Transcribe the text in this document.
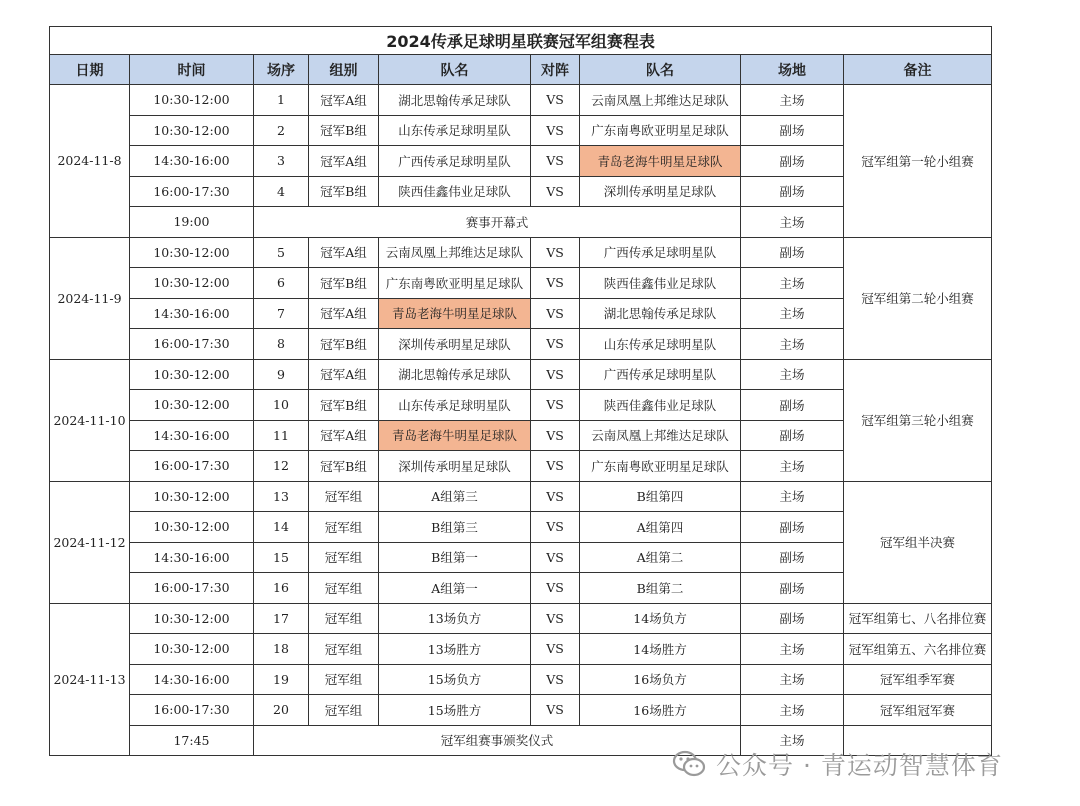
2024传承足球明星联赛冠军组赛程表								
日期	时间	场序	组别	队名	对阵	队名	场地	备注
2024-11-8	10:30-12:00	1	冠军A组	湖北思翰传承足球队	VS	云南凤凰上邦维达足球队	主场	冠军组第一轮小组赛
	10:30-12:00	2	冠军B组	山东传承足球明星队	VS	广东南粤欧亚明星足球队	副场	
	14:30-16:00	3	冠军A组	广西传承足球明星队	VS	青岛老海牛明星足球队	副场	
	16:00-17:30	4	冠军B组	陕西佳鑫伟业足球队	VS	深圳传承明星足球队	副场	
	19:00	赛事开幕式					主场	
2024-11-9	10:30-12:00	5	冠军A组	云南凤凰上邦维达足球队	VS	广西传承足球明星队	副场	冠军组第二轮小组赛
	10:30-12:00	6	冠军B组	广东南粤欧亚明星足球队	VS	陕西佳鑫伟业足球队	主场	
	14:30-16:00	7	冠军A组	青岛老海牛明星足球队	VS	湖北思翰传承足球队	主场	
	16:00-17:30	8	冠军B组	深圳传承明星足球队	VS	山东传承足球明星队	主场	
2024-11-10	10:30-12:00	9	冠军A组	湖北思翰传承足球队	VS	广西传承足球明星队	主场	冠军组第三轮小组赛
	10:30-12:00	10	冠军B组	山东传承足球明星队	VS	陕西佳鑫伟业足球队	副场	
	14:30-16:00	11	冠军A组	青岛老海牛明星足球队	VS	云南凤凰上邦维达足球队	副场	
	16:00-17:30	12	冠军B组	深圳传承明星足球队	VS	广东南粤欧亚明星足球队	主场	
2024-11-12	10:30-12:00	13	冠军组	A组第三	VS	B组第四	主场	冠军组半决赛
	10:30-12:00	14	冠军组	B组第三	VS	A组第四	副场	
	14:30-16:00	15	冠军组	B组第一	VS	A组第二	副场	
	16:00-17:30	16	冠军组	A组第一	VS	B组第二	副场	
2024-11-13	10:30-12:00	17	冠军组	13场负方	VS	14场负方	副场	冠军组第七、八名排位赛
	10:30-12:00	18	冠军组	13场胜方	VS	14场胜方	主场	冠军组第五、六名排位赛
	14:30-16:00	19	冠军组	15场负方	VS	16场负方	主场	冠军组季军赛
	16:00-17:30	20	冠军组	15场胜方	VS	16场胜方	主场	冠军组冠军赛
	17:45	冠军组赛事颁奖仪式					主场	
公众号 · 青运动智慧体育
